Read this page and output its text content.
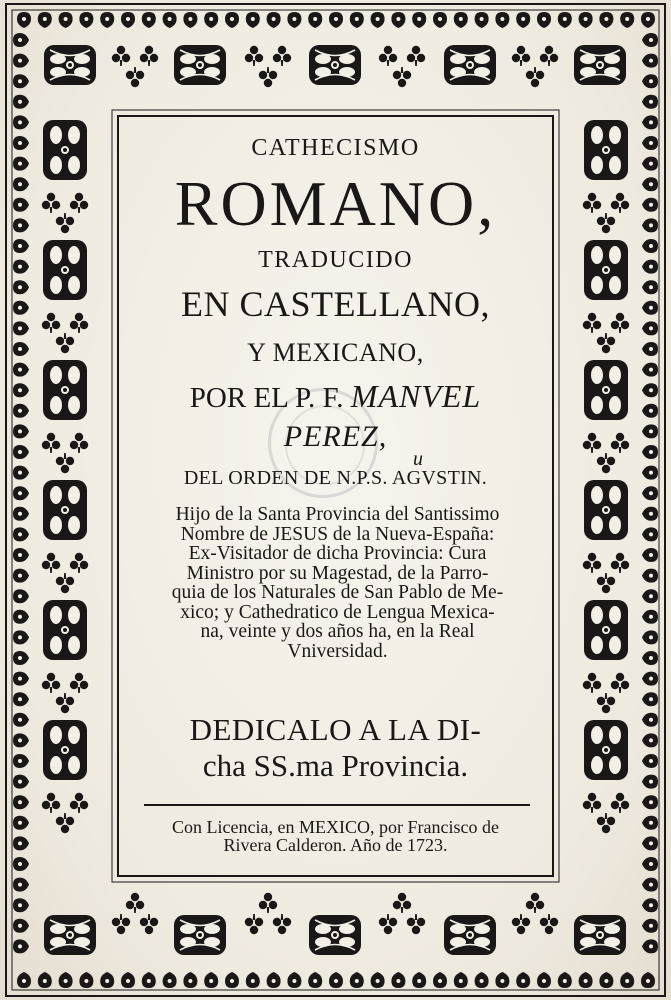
CATHECISMO
ROMANO,
TRADUCIDO
EN CASTELLANO,
Y MEXICANO,
POR EL P. F. MANVEL
PEREZ,
u
DEL ORDEN DE N.P.S. AGVSTIN.
Hijo de la Santa Provincia del Santissimo
Nombre de JESUS de la Nueva-España:
Ex-Visitador de dicha Provincia: Cura
Ministro por su Magestad, de la Parro-
quia de los Naturales de San Pablo de Me-
xico; y Cathedratico de Lengua Mexica-
na, veinte y dos años ha, en la Real
Vniversidad.
DEDICALO A LA DI-
cha SS.ma Provincia.
Con Licencia, en MEXICO, por Francisco de
Rivera Calderon. Año de 1723.
